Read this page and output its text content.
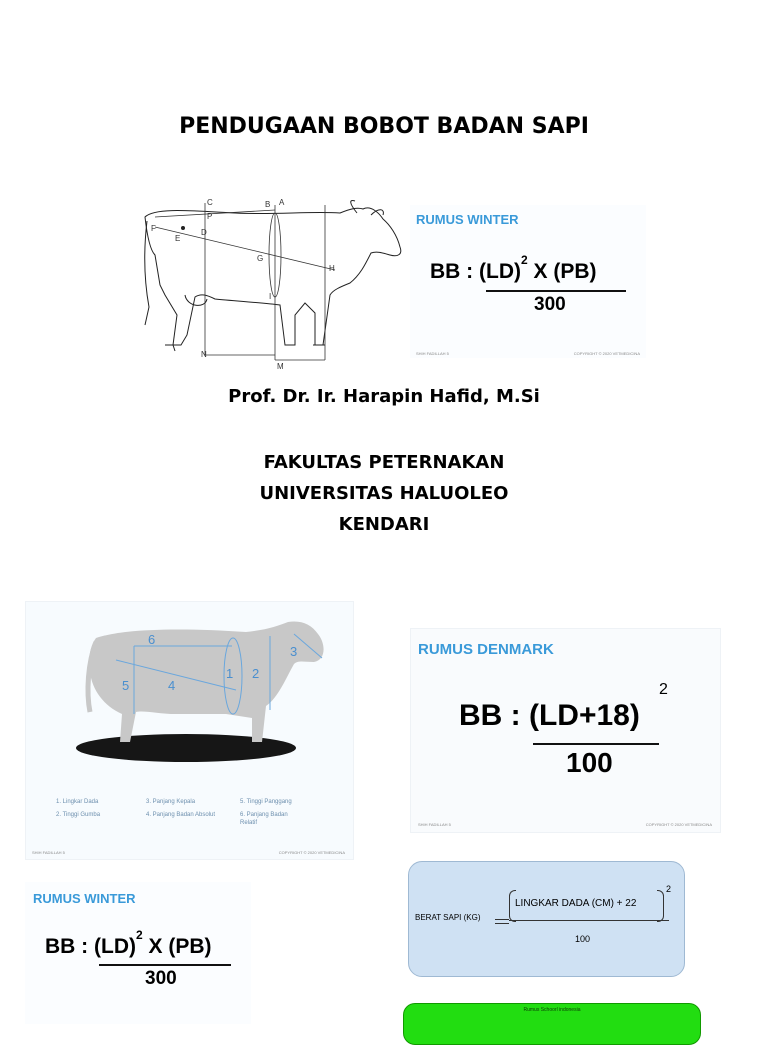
PENDUGAAN BOBOT BADAN SAPI
C
P
D
F
E
B A
G
H
I
N
M
RUMUS WINTER
BB : (LD)$^2$ X (PB)
300
SHIH FADILLAH 5	COPYRIGHT © 2020 VETMEDICINA
Prof. Dr. Ir. Harapin Hafid, M.Si
FAKULTAS PETERNAKAN
UNIVERSITAS HALUOLEO
KENDARI
6
3
1 2
5	4
1. Lingkar Dada
2. Tinggi Gumba
3. Panjang Kepala
4. Panjang Badan Absolut
5. Tinggi Panggang
6. Panjang Badan Relatif
SHIH FADILLAH 5	COPYRIGHT © 2020 VETMEDICINA
RUMUS DENMARK
BB : (LD+18)
2
100
SHIH FADILLAH 5	COPYRIGHT © 2020 VETMEDICINA
RUMUS WINTER
BB : (LD)$^2$ X (PB)
300
BERAT SAPI (KG)
LINGKAR DADA (CM) + 22
2
100
Rumus Schoorl indonesia
